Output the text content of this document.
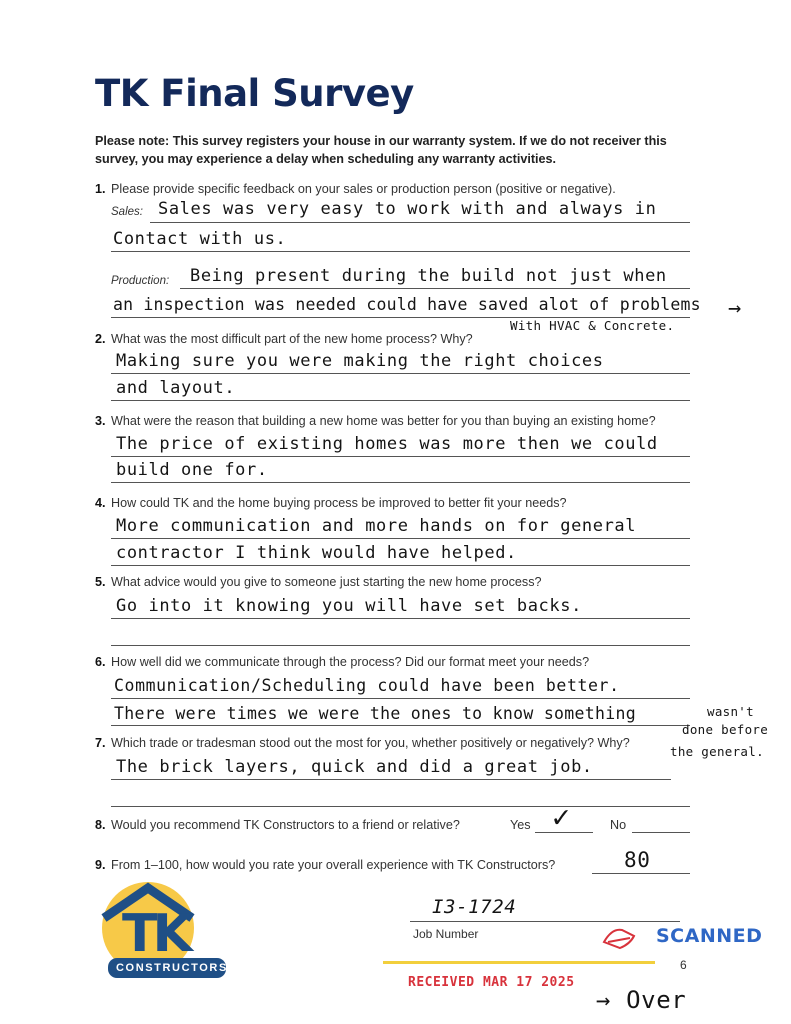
TK Final Survey
Please note: This survey registers your house in our warranty system. If we do not receiver this survey, you may experience a delay when scheduling any warranty activities.
1. Please provide specific feedback on your sales or production person (positive or negative).
Sales: Sales was very easy to work with and always in
Contact with us.
Production: Being present during the build not just when
an inspection was needed could have saved alot of problems →
With HVAC & Concrete.
2. What was the most difficult part of the new home process? Why?
Making sure you were making the right choices
and layout.
3. What were the reason that building a new home was better for you than buying an existing home?
The price of existing homes was more then we could
build one for.
4. How could TK and the home buying process be improved to better fit your needs?
More communication and more hands on for general
contractor I think would have helped.
5. What advice would you give to someone just starting the new home process?
Go into it knowing you will have set backs.
6. How well did we communicate through the process? Did our format meet your needs?
Communication/Scheduling could have been better.
There were times we were the ones to know something	wasn't
done before
the general.
7. Which trade or tradesman stood out the most for you, whether positively or negatively? Why?
The brick layers, quick and did a great job.
8. Would you recommend TK Constructors to a friend or relative?	Yes ✓	No
9. From 1–100, how would you rate your overall experience with TK Constructors?	80
TK
CONSTRUCTORS
I3-1724
Job Number	SCANNED
6
RECEIVED MAR 17 2025
→ Over
